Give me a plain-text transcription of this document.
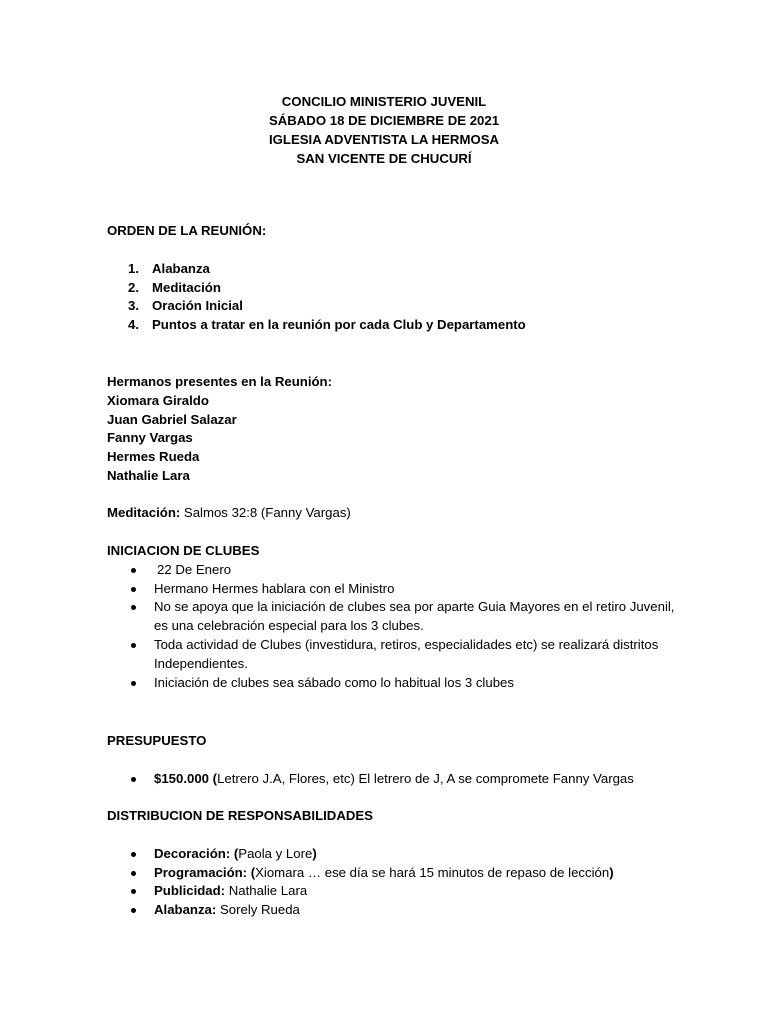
CONCILIO MINISTERIO JUVENIL
SÁBADO 18 DE DICIEMBRE DE 2021
IGLESIA ADVENTISTA LA HERMOSA
SAN VICENTE DE CHUCURÍ
ORDEN DE LA REUNIÓN:
1. Alabanza
2. Meditación
3. Oración Inicial
4. Puntos a tratar en la reunión por cada Club y Departamento
Hermanos presentes en la Reunión:
Xiomara Giraldo
Juan Gabriel Salazar
Fanny Vargas
Hermes Rueda
Nathalie Lara
Meditación: Salmos 32:8 (Fanny Vargas)
INICIACION DE CLUBES
22 De Enero
Hermano Hermes hablara con el Ministro
No se apoya que la iniciación de clubes sea por aparte Guia Mayores en el retiro Juvenil,
es una celebración especial para los 3 clubes.
Toda actividad de Clubes (investidura, retiros, especialidades etc) se realizará distritos
Independientes.
Iniciación de clubes sea sábado como lo habitual los 3 clubes
PRESUPUESTO
$150.000 (Letrero J.A, Flores, etc) El letrero de J, A se compromete Fanny Vargas
DISTRIBUCION DE RESPONSABILIDADES
Decoración: (Paola y Lore)
Programación: (Xiomara … ese día se hará 15 minutos de repaso de lección)
Publicidad: Nathalie Lara
Alabanza: Sorely Rueda
